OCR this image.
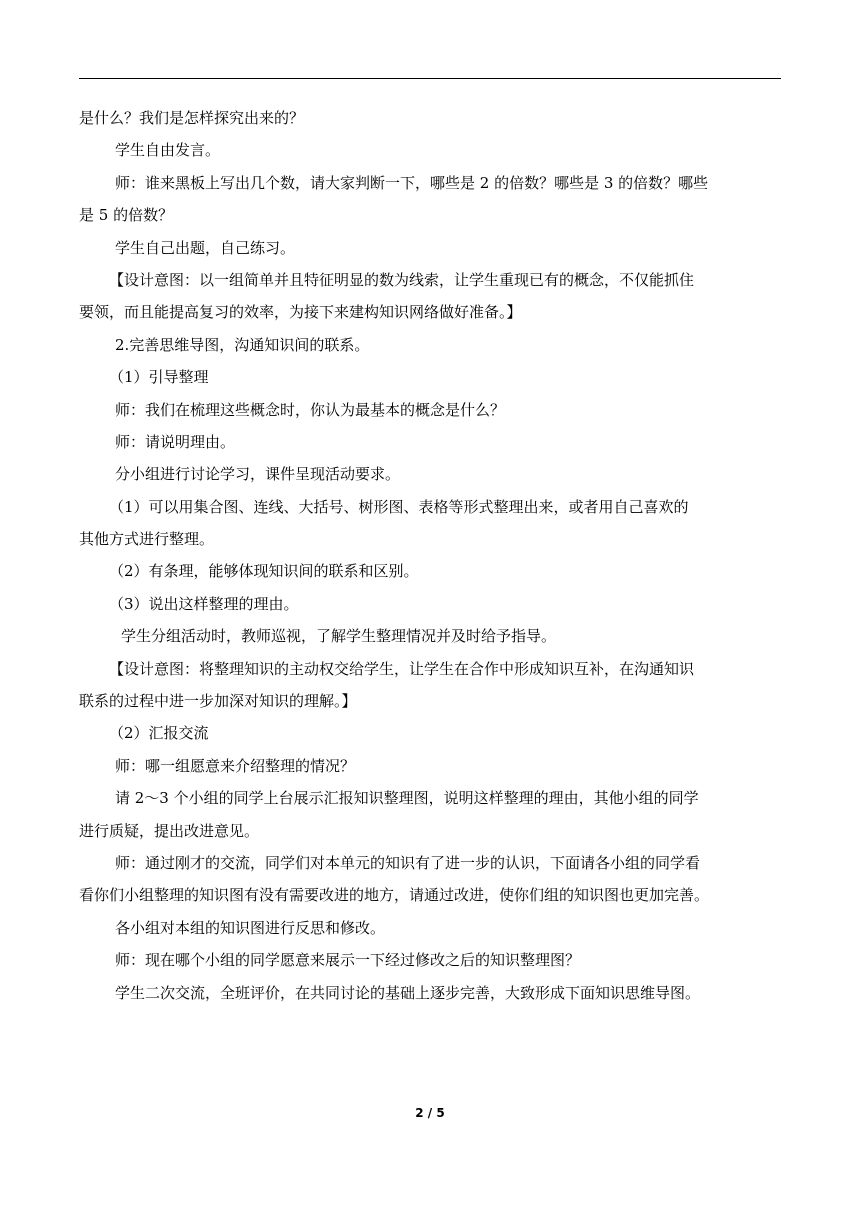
是什么？我们是怎样探究出来的？
学生自由发言。
师：谁来黑板上写出几个数，请大家判断一下，哪些是 2 的倍数？哪些是 3 的倍数？哪些
是 5 的倍数？
学生自己出题，自己练习。
【设计意图：以一组简单并且特征明显的数为线索，让学生重现已有的概念，不仅能抓住
要领，而且能提高复习的效率，为接下来建构知识网络做好准备。】
2.完善思维导图，沟通知识间的联系。
（1）引导整理
师：我们在梳理这些概念时，你认为最基本的概念是什么？
师：请说明理由。
分小组进行讨论学习，课件呈现活动要求。
（1）可以用集合图、连线、大括号、树形图、表格等形式整理出来，或者用自己喜欢的
其他方式进行整理。
（2）有条理，能够体现知识间的联系和区别。
（3）说出这样整理的理由。
学生分组活动时，教师巡视，了解学生整理情况并及时给予指导。
【设计意图：将整理知识的主动权交给学生，让学生在合作中形成知识互补，在沟通知识
联系的过程中进一步加深对知识的理解。】
（2）汇报交流
师：哪一组愿意来介绍整理的情况？
请 2～3 个小组的同学上台展示汇报知识整理图，说明这样整理的理由，其他小组的同学
进行质疑，提出改进意见。
师：通过刚才的交流，同学们对本单元的知识有了进一步的认识，下面请各小组的同学看
看你们小组整理的知识图有没有需要改进的地方，请通过改进，使你们组的知识图也更加完善。
各小组对本组的知识图进行反思和修改。
师：现在哪个小组的同学愿意来展示一下经过修改之后的知识整理图？
学生二次交流，全班评价，在共同讨论的基础上逐步完善，大致形成下面知识思维导图。
2 / 5
